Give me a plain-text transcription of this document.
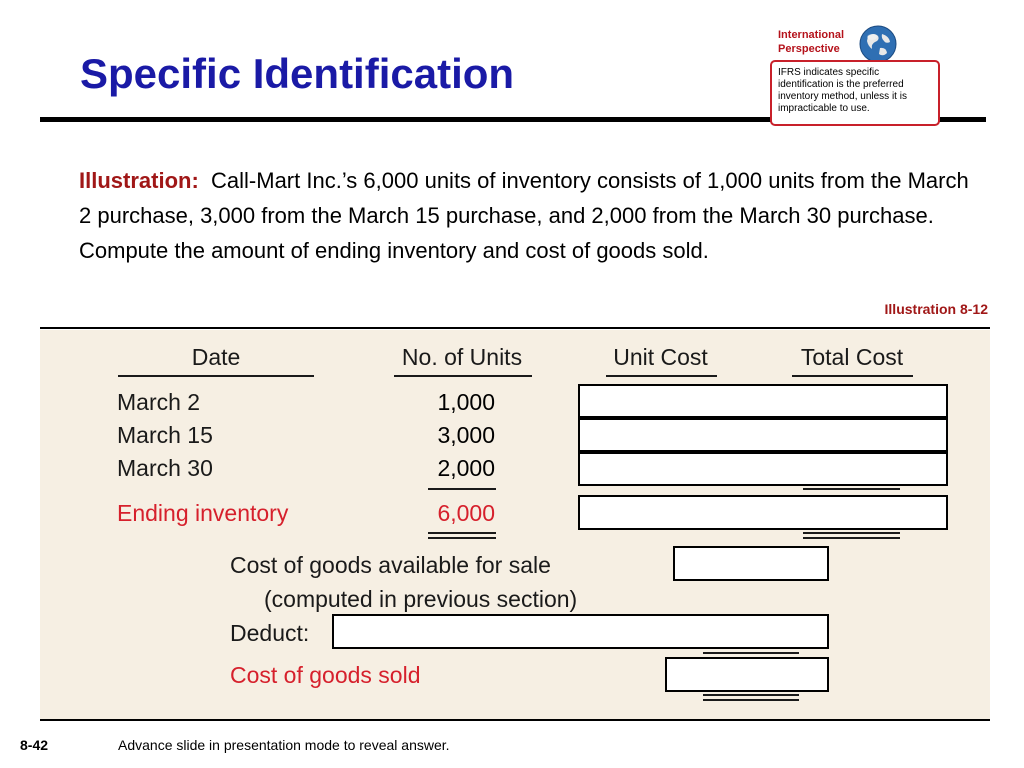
Specific Identification
International
Perspective
IFRS indicates specific identification is the preferred inventory method, unless it is impracticable to use.
Illustration: Call-Mart Inc.’s 6,000 units of inventory consists of 1,000 units from the March 2 purchase, 3,000 from the March 15 purchase, and 2,000 from the March 30 purchase. Compute the amount of ending inventory and cost of goods sold.
Illustration 8-12
Date	No. of Units	Unit Cost	Total Cost
March 2	1,000
March 15	3,000
March 30	2,000
Ending inventory	6,000
Cost of goods available for sale
(computed in previous section)
Deduct:
Cost of goods sold
8-42	Advance slide in presentation mode to reveal answer.
